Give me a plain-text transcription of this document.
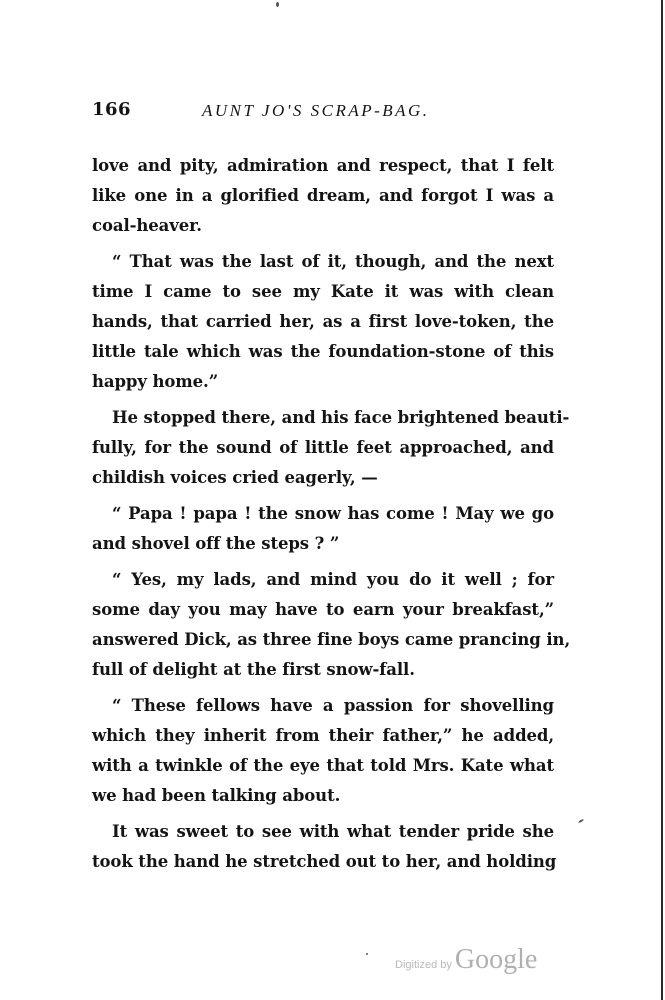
166	AUNT JO'S SCRAP-BAG.
love and pity, admiration and respect, that I felt
like one in a glorified dream, and forgot I was a
coal-heaver.
“ That was the last of it, though, and the next
time I came to see my Kate it was with clean
hands, that carried her, as a first love-token, the
little tale which was the foundation-stone of this
happy home.”
He stopped there, and his face brightened beauti-
fully, for the sound of little feet approached, and
childish voices cried eagerly, —
“ Papa ! papa ! the snow has come ! May we go
and shovel off the steps ? ”
“ Yes, my lads, and mind you do it well ; for
some day you may have to earn your breakfast,”
answered Dick, as three fine boys came prancing in,
full of delight at the first snow-fall.
“ These fellows have a passion for shovelling
which they inherit from their father,” he added,
with a twinkle of the eye that told Mrs. Kate what
we had been talking about.
It was sweet to see with what tender pride she
took the hand he stretched out to her, and holding
Digitized by Google
